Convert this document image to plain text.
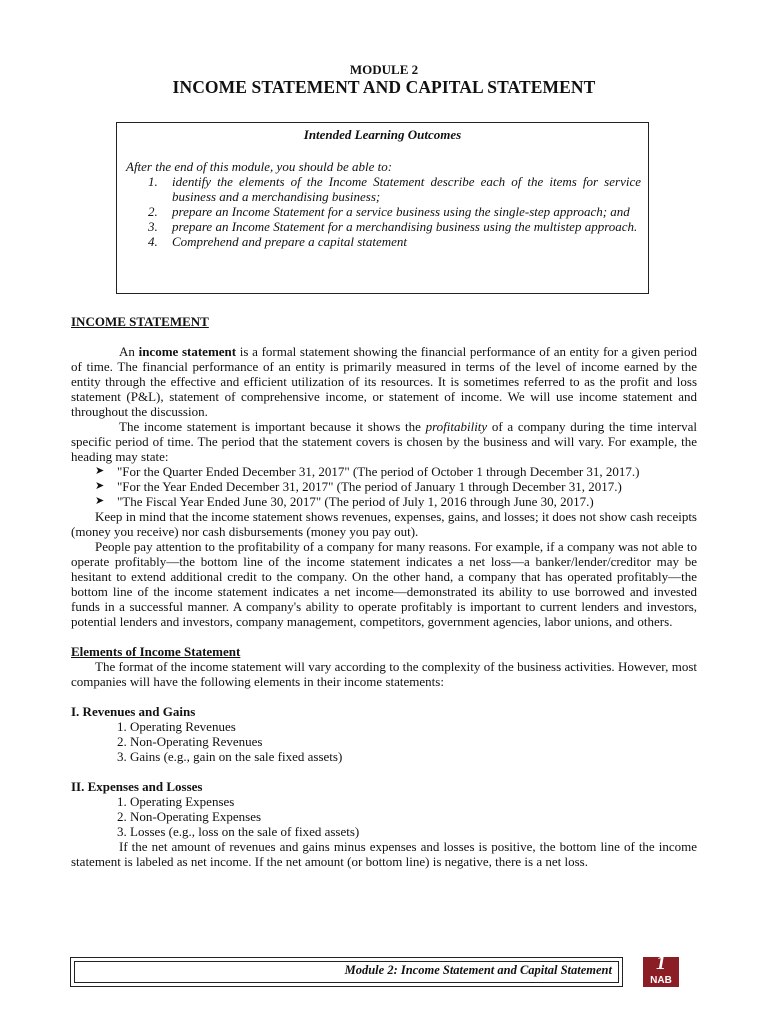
MODULE 2
INCOME STATEMENT AND CAPITAL STATEMENT
Intended Learning Outcomes
After the end of this module, you should be able to:
1. identify the elements of the Income Statement describe each of the items for service business and a merchandising business;
2. prepare an Income Statement for a service business using the single-step approach; and
3. prepare an Income Statement for a merchandising business using the multistep approach.
4. Comprehend and prepare a capital statement

INCOME STATEMENT

An income statement is a formal statement showing the financial performance of an entity for a given period of time. The financial performance of an entity is primarily measured in terms of the level of income earned by the entity through the effective and efficient utilization of its resources. It is sometimes referred to as the profit and loss statement (P&L), statement of comprehensive income, or statement of income. We will use income statement and throughout the discussion.

The income statement is important because it shows the profitability of a company during the time interval specific period of time. The period that the statement covers is chosen by the business and will vary. For example, the heading may state:

➤ "For the Quarter Ended December 31, 2017" (The period of October 1 through December 31, 2017.)
➤ "For the Year Ended December 31, 2017" (The period of January 1 through December 31, 2017.)
➤ "The Fiscal Year Ended June 30, 2017" (The period of July 1, 2016 through June 30, 2017.)

Keep in mind that the income statement shows revenues, expenses, gains, and losses; it does not show cash receipts (money you receive) nor cash disbursements (money you pay out).

People pay attention to the profitability of a company for many reasons. For example, if a company was not able to operate profitably—the bottom line of the income statement indicates a net loss—a banker/lender/creditor may be hesitant to extend additional credit to the company. On the other hand, a company that has operated profitably—the bottom line of the income statement indicates a net income—demonstrated its ability to use borrowed and invested funds in a successful manner. A company's ability to operate profitably is important to current lenders and investors, potential lenders and investors, company management, competitors, government agencies, labor unions, and others.

Elements of Income Statement

The format of the income statement will vary according to the complexity of the business activities. However, most companies will have the following elements in their income statements:

I. Revenues and Gains

1. Operating Revenues
2. Non-Operating Revenues
3. Gains (e.g., gain on the sale fixed assets)

II. Expenses and Losses

1. Operating Expenses
2. Non-Operating Expenses
3. Losses (e.g., loss on the sale of fixed assets)

If the net amount of revenues and gains minus expenses and losses is positive, the bottom line of the income statement is labeled as net income. If the net amount (or bottom line) is negative, there is a net loss.

Module 2: Income Statement and Capital Statement	1
NAB
